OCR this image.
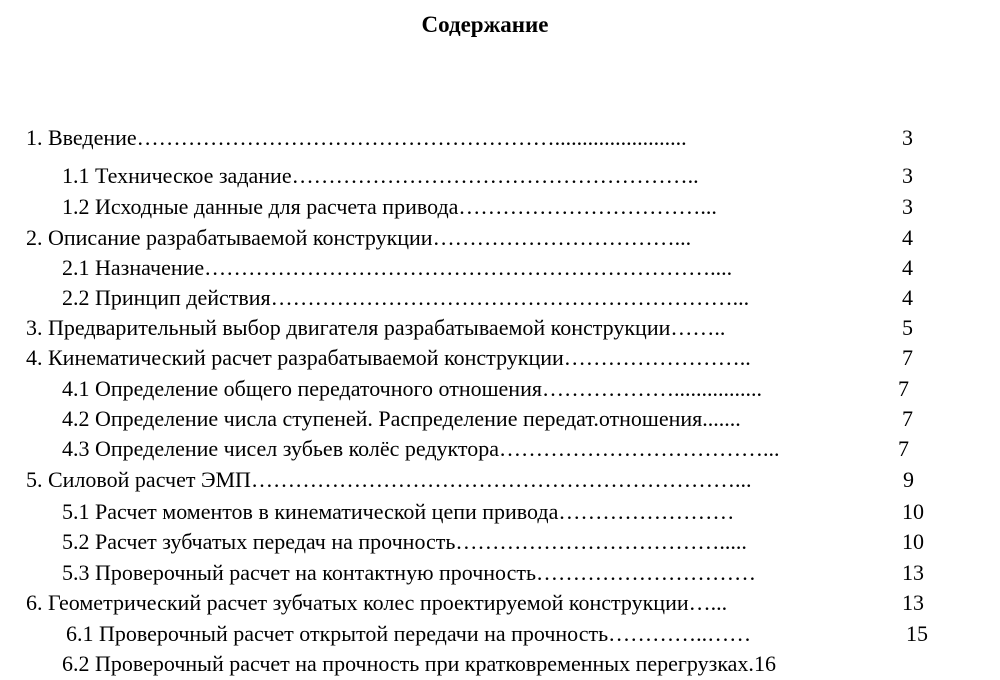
Содержание
1. Введение…………………………………………………........................	3
1.1 Техническое задание………………………………………………..	3
1.2 Исходные данные для расчета привода……………………………...	3
2. Описание разрабатываемой конструкции……………………………...	4
2.1 Назначение……………………………………………………………....	4
2.2 Принцип действия………………………………………………………...	4
3. Предварительный выбор двигателя разрабатываемой конструкции……..	5
4. Кинематический расчет разрабатываемой конструкции……………………..	7
4.1 Определение общего передаточного отношения………………................	7
4.2 Определение числа ступеней. Распределение передат.отношения.......	7
4.3 Определение чисел зубьев колёс редуктора………………………………...	7
5. Силовой расчет ЭМП…………………………………………………………...	9
5.1 Расчет моментов в кинематической цепи привода……………………	10
5.2 Расчет зубчатых передач на прочность……………………………….....	10
5.3 Проверочный расчет на контактную прочность…………………………	13
6. Геометрический расчет зубчатых колес проектируемой конструкции…...	13
6.1 Проверочный расчет открытой передачи на прочность…………..……	15
6.2 Проверочный расчет на прочность при кратковременных перегрузках.16
